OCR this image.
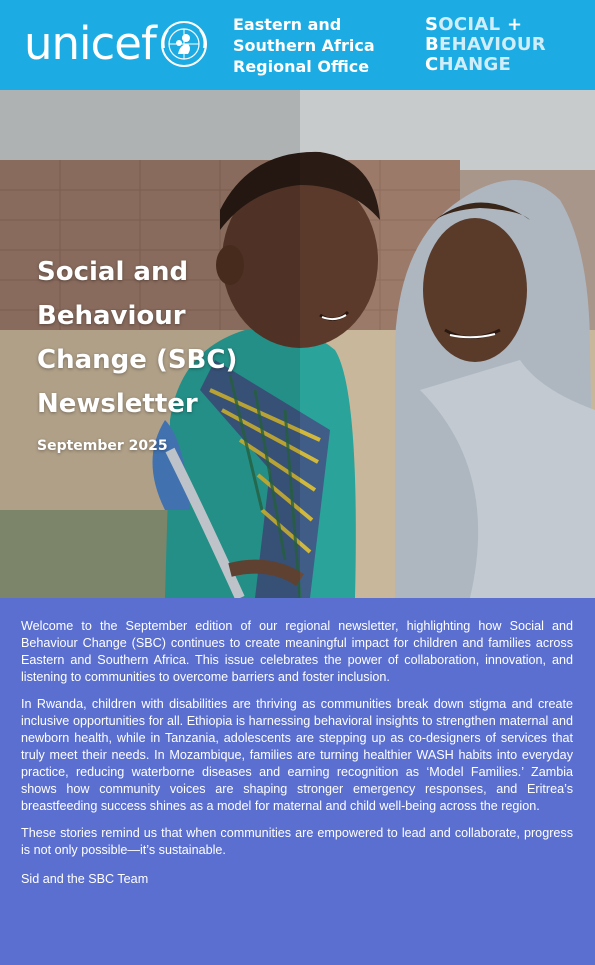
unicef	Eastern and
Southern Africa
Regional Office
SOCIAL +
BEHAVIOUR
CHANGE
Social and
Behaviour
Change (SBC)
Newsletter
September 2025

Welcome to the September edition of our regional newsletter, highlighting how Social and Behaviour Change (SBC) continues to create meaningful impact for children and families across Eastern and Southern Africa. This issue celebrates the power of collaboration, innovation, and listening to communities to overcome barriers and foster inclusion.

In Rwanda, children with disabilities are thriving as communities break down stigma and create inclusive opportunities for all. Ethiopia is harnessing behavioral insights to strengthen maternal and newborn health, while in Tanzania, adolescents are stepping up as co-designers of services that truly meet their needs. In Mozambique, families are turning healthier WASH habits into everyday practice, reducing waterborne diseases and earning recognition as ‘Model Families.’ Zambia shows how community voices are shaping stronger emergency responses, and Eritrea’s breastfeeding success shines as a model for maternal and child well-being across the region.

These stories remind us that when communities are empowered to lead and collaborate, progress is not only possible—it’s sustainable.

Sid and the SBC Team
